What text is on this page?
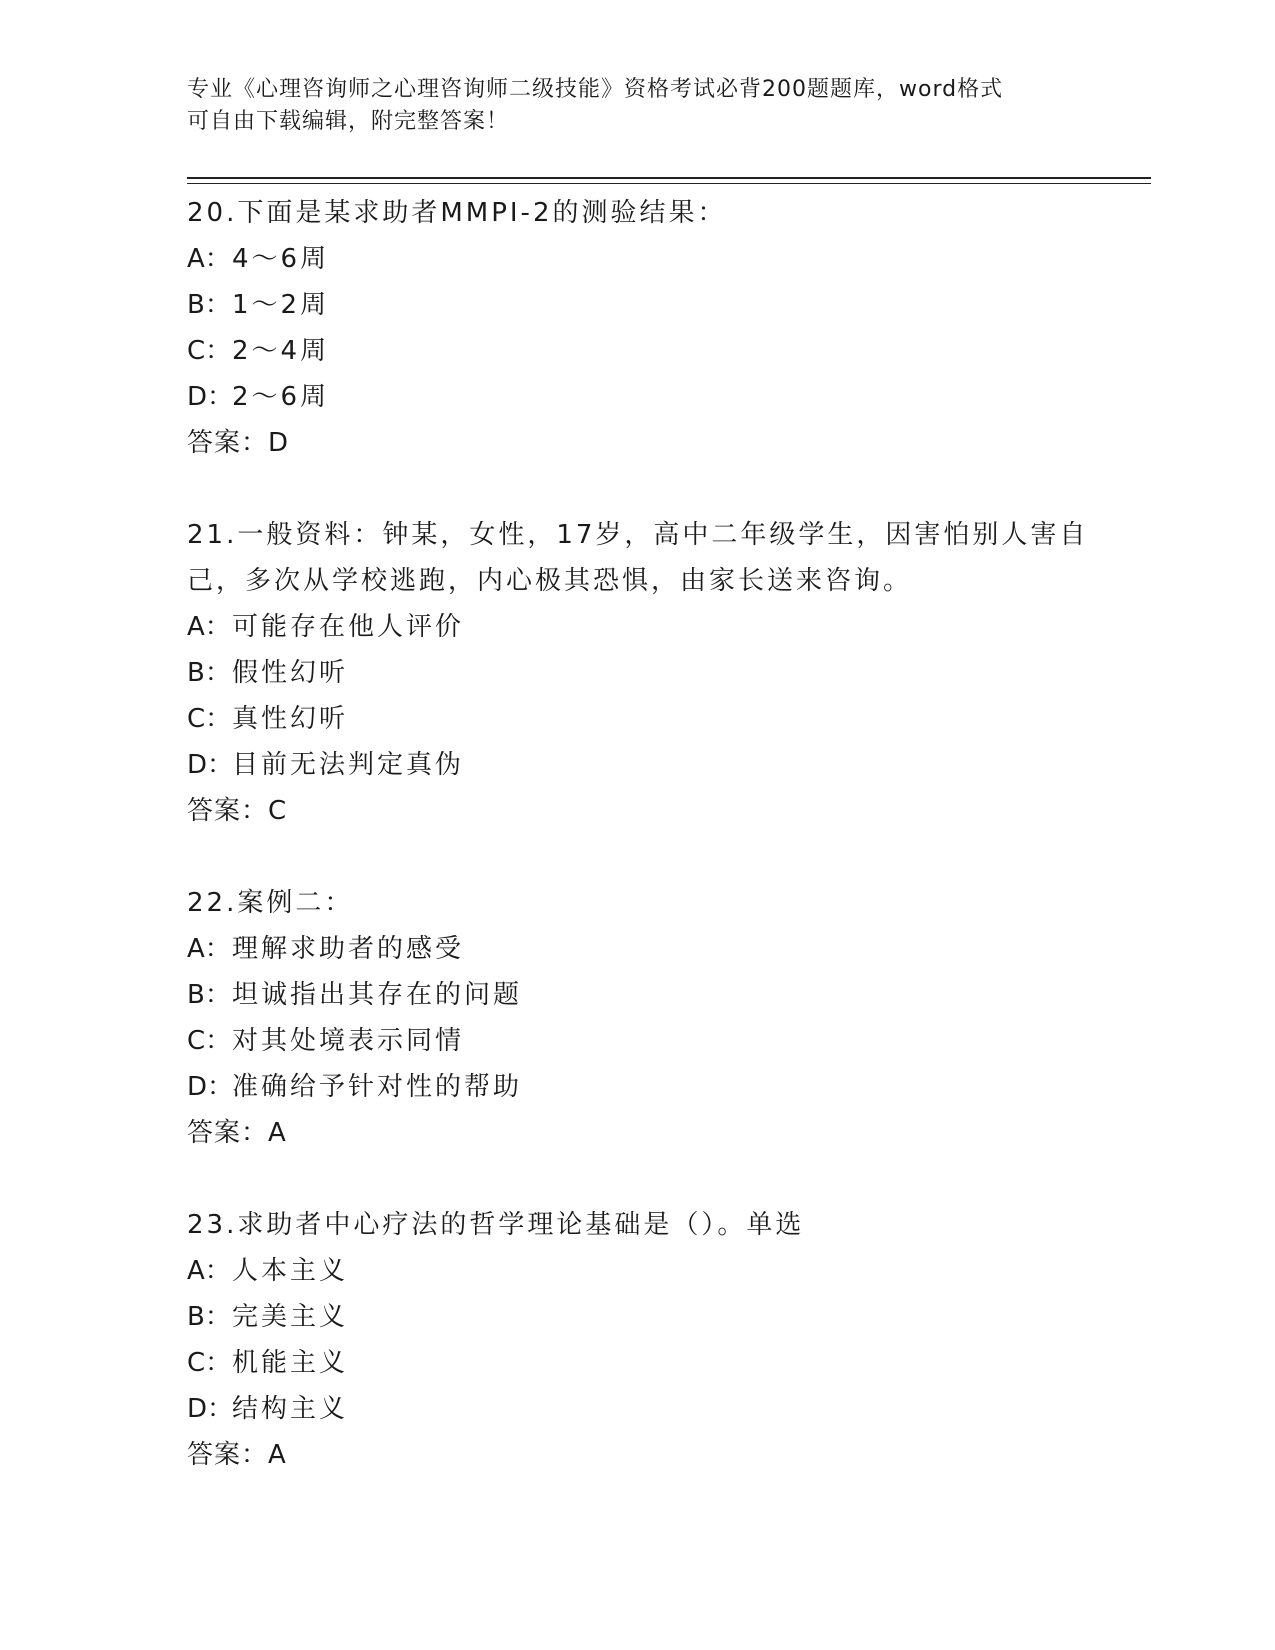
专业《心理咨询师之心理咨询师二级技能》资格考试必背200题题库，word格式
可自由下载编辑，附完整答案！

20.下面是某求助者MMPI-2的测验结果：

A：4～6周

B：1～2周

C：2～4周

D：2～6周

答案：D

21.一般资料：钟某，女性，17岁，高中二年级学生，因害怕别人害自己，多次从学校逃跑，内心极其恐惧，由家长送来咨询。

A：可能存在他人评价

B：假性幻听

C：真性幻听

D：目前无法判定真伪

答案：C

22.案例二：

A：理解求助者的感受

B：坦诚指出其存在的问题

C：对其处境表示同情

D：准确给予针对性的帮助

答案：A

23.求助者中心疗法的哲学理论基础是（）。单选

A：人本主义

B：完美主义

C：机能主义

D：结构主义

答案：A
